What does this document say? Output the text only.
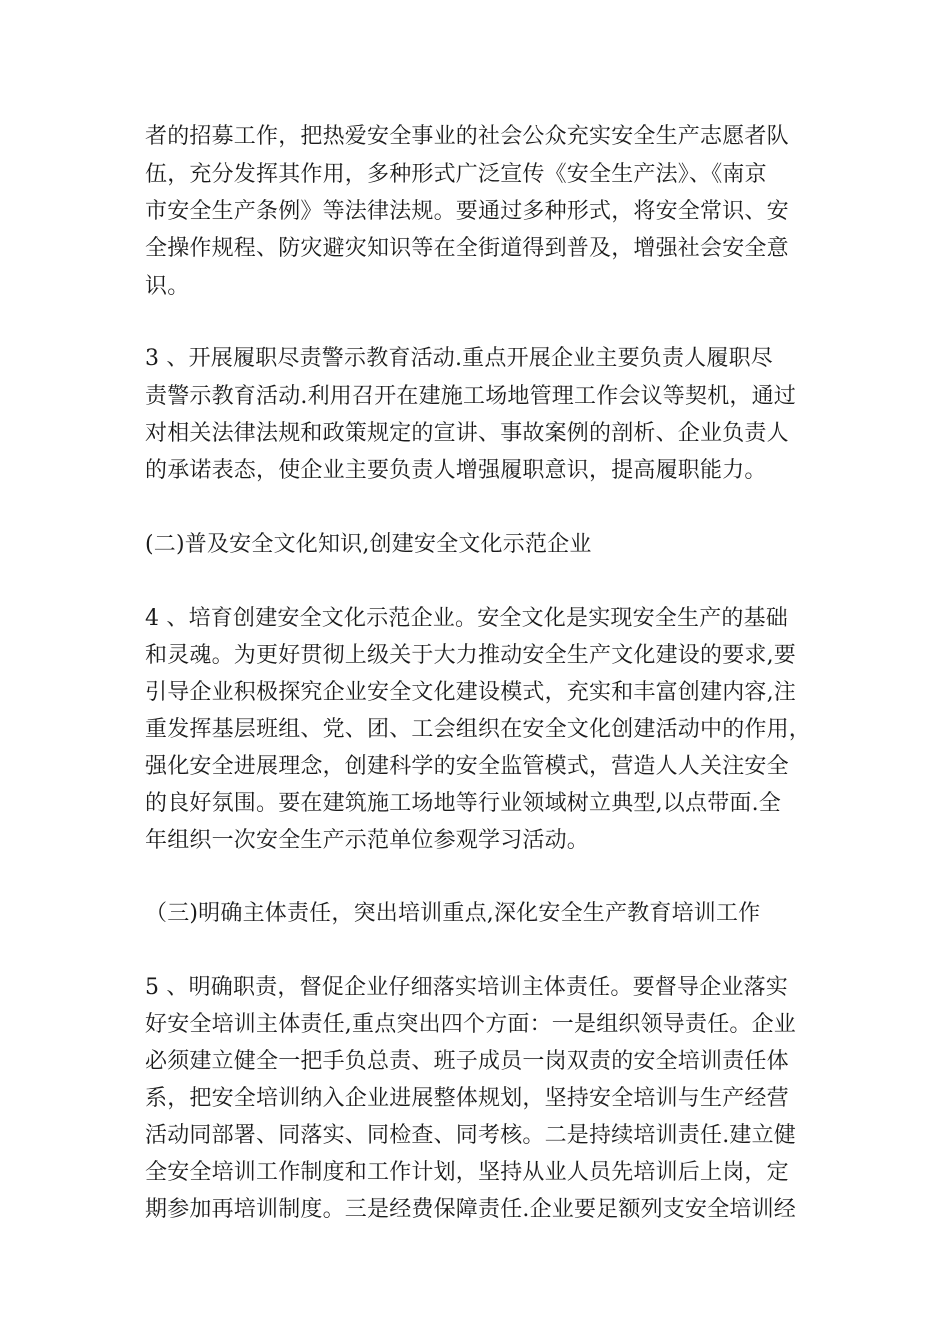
者的招募工作，把热爱安全事业的社会公众充实安全生产志愿者队
伍，充分发挥其作用，多种形式广泛宣传《安全生产法》、《南京
市安全生产条例》等法律法规。要通过多种形式，将安全常识、安
全操作规程、防灾避灾知识等在全街道得到普及，增强社会安全意
识。
3 、开展履职尽责警示教育活动.重点开展企业主要负责人履职尽
责警示教育活动.利用召开在建施工场地管理工作会议等契机，通过
对相关法律法规和政策规定的宣讲、事故案例的剖析、企业负责人
的承诺表态，使企业主要负责人增强履职意识，提高履职能力。
(二)普及安全文化知识,创建安全文化示范企业
4 、培育创建安全文化示范企业。安全文化是实现安全生产的基础
和灵魂。为更好贯彻上级关于大力推动安全生产文化建设的要求,要
引导企业积极探究企业安全文化建设模式，充实和丰富创建内容,注
重发挥基层班组、党、团、工会组织在安全文化创建活动中的作用，
强化安全进展理念，创建科学的安全监管模式，营造人人关注安全
的良好氛围。要在建筑施工场地等行业领域树立典型,以点带面.全
年组织一次安全生产示范单位参观学习活动。
（三)明确主体责任，突出培训重点,深化安全生产教育培训工作
5 、明确职责，督促企业仔细落实培训主体责任。要督导企业落实
好安全培训主体责任,重点突出四个方面：一是组织领导责任。企业
必须建立健全一把手负总责、班子成员一岗双责的安全培训责任体
系，把安全培训纳入企业进展整体规划，坚持安全培训与生产经营
活动同部署、同落实、同检查、同考核。二是持续培训责任.建立健
全安全培训工作制度和工作计划，坚持从业人员先培训后上岗，定
期参加再培训制度。三是经费保障责任.企业要足额列支安全培训经
